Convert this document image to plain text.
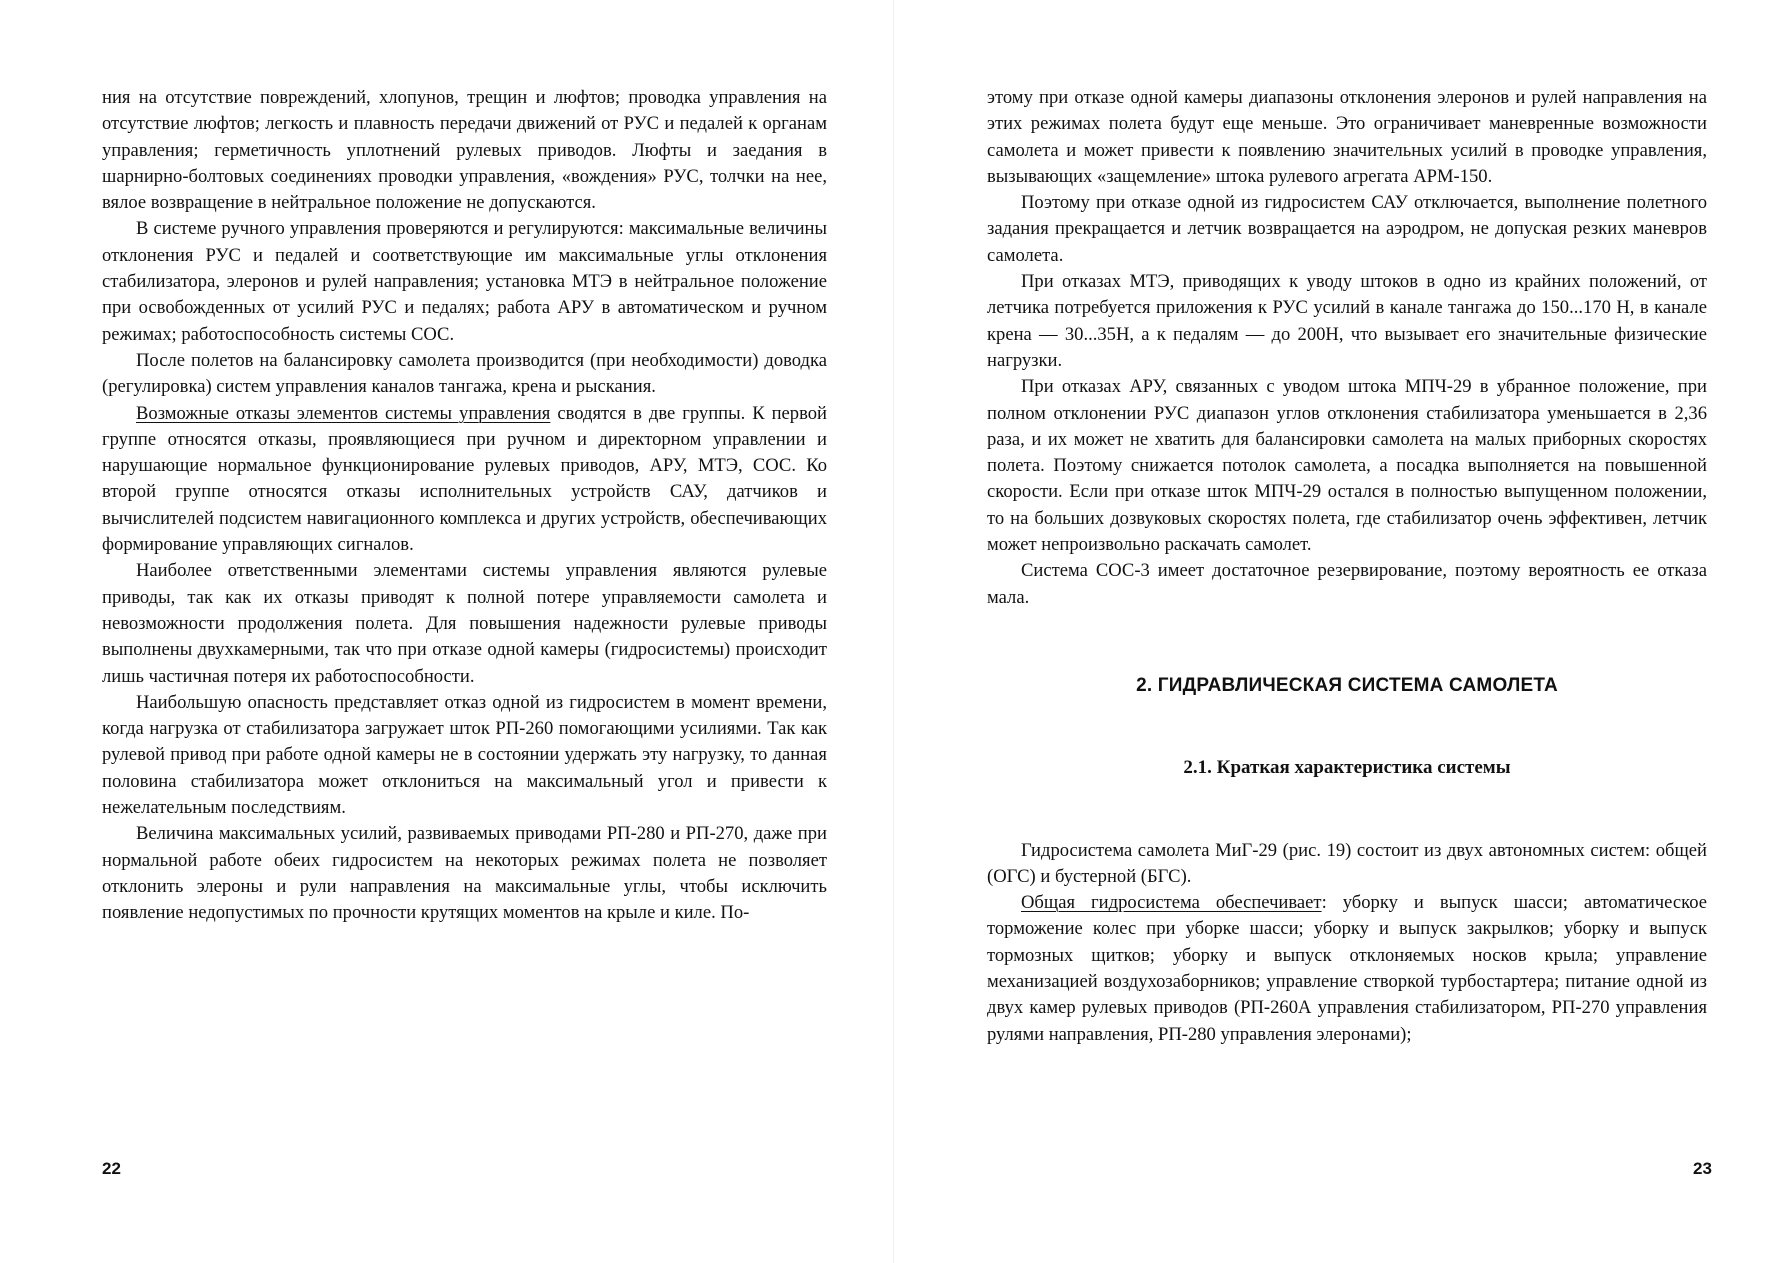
ния на отсутствие повреждений, хлопунов, трещин и люфтов; проводка управления на отсутствие люфтов; легкость и плавность передачи движений от РУС и педалей к органам управления; герметичность уплотнений рулевых приводов. Люфты и заедания в шарнирно-болтовых соединениях проводки управления, «вождения» РУС, толчки на нее, вялое возвращение в нейтральное положение не допускаются.

В системе ручного управления проверяются и регулируются: максимальные величины отклонения РУС и педалей и соответствующие им максимальные углы отклонения стабилизатора, элеронов и рулей направления; установка МТЭ в нейтральное положение при освобожденных от усилий РУС и педалях; работа АРУ в автоматическом и ручном режимах; работоспособность системы СОС.

После полетов на балансировку самолета производится (при необходимости) доводка (регулировка) систем управления каналов тангажа, крена и рыскания.

Возможные отказы элементов системы управления сводятся в две группы. К первой группе относятся отказы, проявляющиеся при ручном и директорном управлении и нарушающие нормальное функционирование рулевых приводов, АРУ, МТЭ, СОС. Ко второй группе относятся отказы исполнительных устройств САУ, датчиков и вычислителей подсистем навигационного комплекса и других устройств, обеспечивающих формирование управляющих сигналов.

Наиболее ответственными элементами системы управления являются рулевые приводы, так как их отказы приводят к полной потере управляемости самолета и невозможности продолжения полета. Для повышения надежности рулевые приводы выполнены двухкамерными, так что при отказе одной камеры (гидросистемы) происходит лишь частичная потеря их работоспособности.

Наибольшую опасность представляет отказ одной из гидросистем в момент времени, когда нагрузка от стабилизатора загружает шток РП-260 помогающими усилиями. Так как рулевой привод при работе одной камеры не в состоянии удержать эту нагрузку, то данная половина стабилизатора может отклониться на максимальный угол и привести к нежелательным последствиям.

Величина максимальных усилий, развиваемых приводами РП-280 и РП-270, даже при нормальной работе обеих гидросистем на некоторых режимах полета не позволяет отклонить элероны и рули направления на максимальные углы, чтобы исключить появление недопустимых по прочности крутящих моментов на крыле и киле. По-

22

этому при отказе одной камеры диапазоны отклонения элеронов и рулей направления на этих режимах полета будут еще меньше. Это ограничивает маневренные возможности самолета и может привести к появлению значительных усилий в проводке управления, вызывающих «защемление» штока рулевого агрегата АРМ-150.

Поэтому при отказе одной из гидросистем САУ отключается, выполнение полетного задания прекращается и летчик возвращается на аэродром, не допуская резких маневров самолета.

При отказах МТЭ, приводящих к уводу штоков в одно из крайних положений, от летчика потребуется приложения к РУС усилий в канале тангажа до 150...170 Н, в канале крена — 30...35Н, а к педалям — до 200Н, что вызывает его значительные физические нагрузки.

При отказах АРУ, связанных с уводом штока МПЧ-29 в убранное положение, при полном отклонении РУС диапазон углов отклонения стабилизатора уменьшается в 2,36 раза, и их может не хватить для балансировки самолета на малых приборных скоростях полета. Поэтому снижается потолок самолета, а посадка выполняется на повышенной скорости. Если при отказе шток МПЧ-29 остался в полностью выпущенном положении, то на больших дозвуковых скоростях полета, где стабилизатор очень эффективен, летчик может непроизвольно раскачать самолет.

Система СОС-3 имеет достаточное резервирование, поэтому вероятность ее отказа мала.

2. ГИДРАВЛИЧЕСКАЯ СИСТЕМА САМОЛЕТА
2.1. Краткая характеристика системы

Гидросистема самолета МиГ-29 (рис. 19) состоит из двух автономных систем: общей (ОГС) и бустерной (БГС).

Общая гидросистема обеспечивает: уборку и выпуск шасси; автоматическое торможение колес при уборке шасси; уборку и выпуск закрылков; уборку и выпуск тормозных щитков; уборку и выпуск отклоняемых носков крыла; управление механизацией воздухозаборников; управление створкой турбостартера; питание одной из двух камер рулевых приводов (РП-260А управления стабилизатором, РП-270 управления рулями направления, РП-280 управления элеронами);

23
